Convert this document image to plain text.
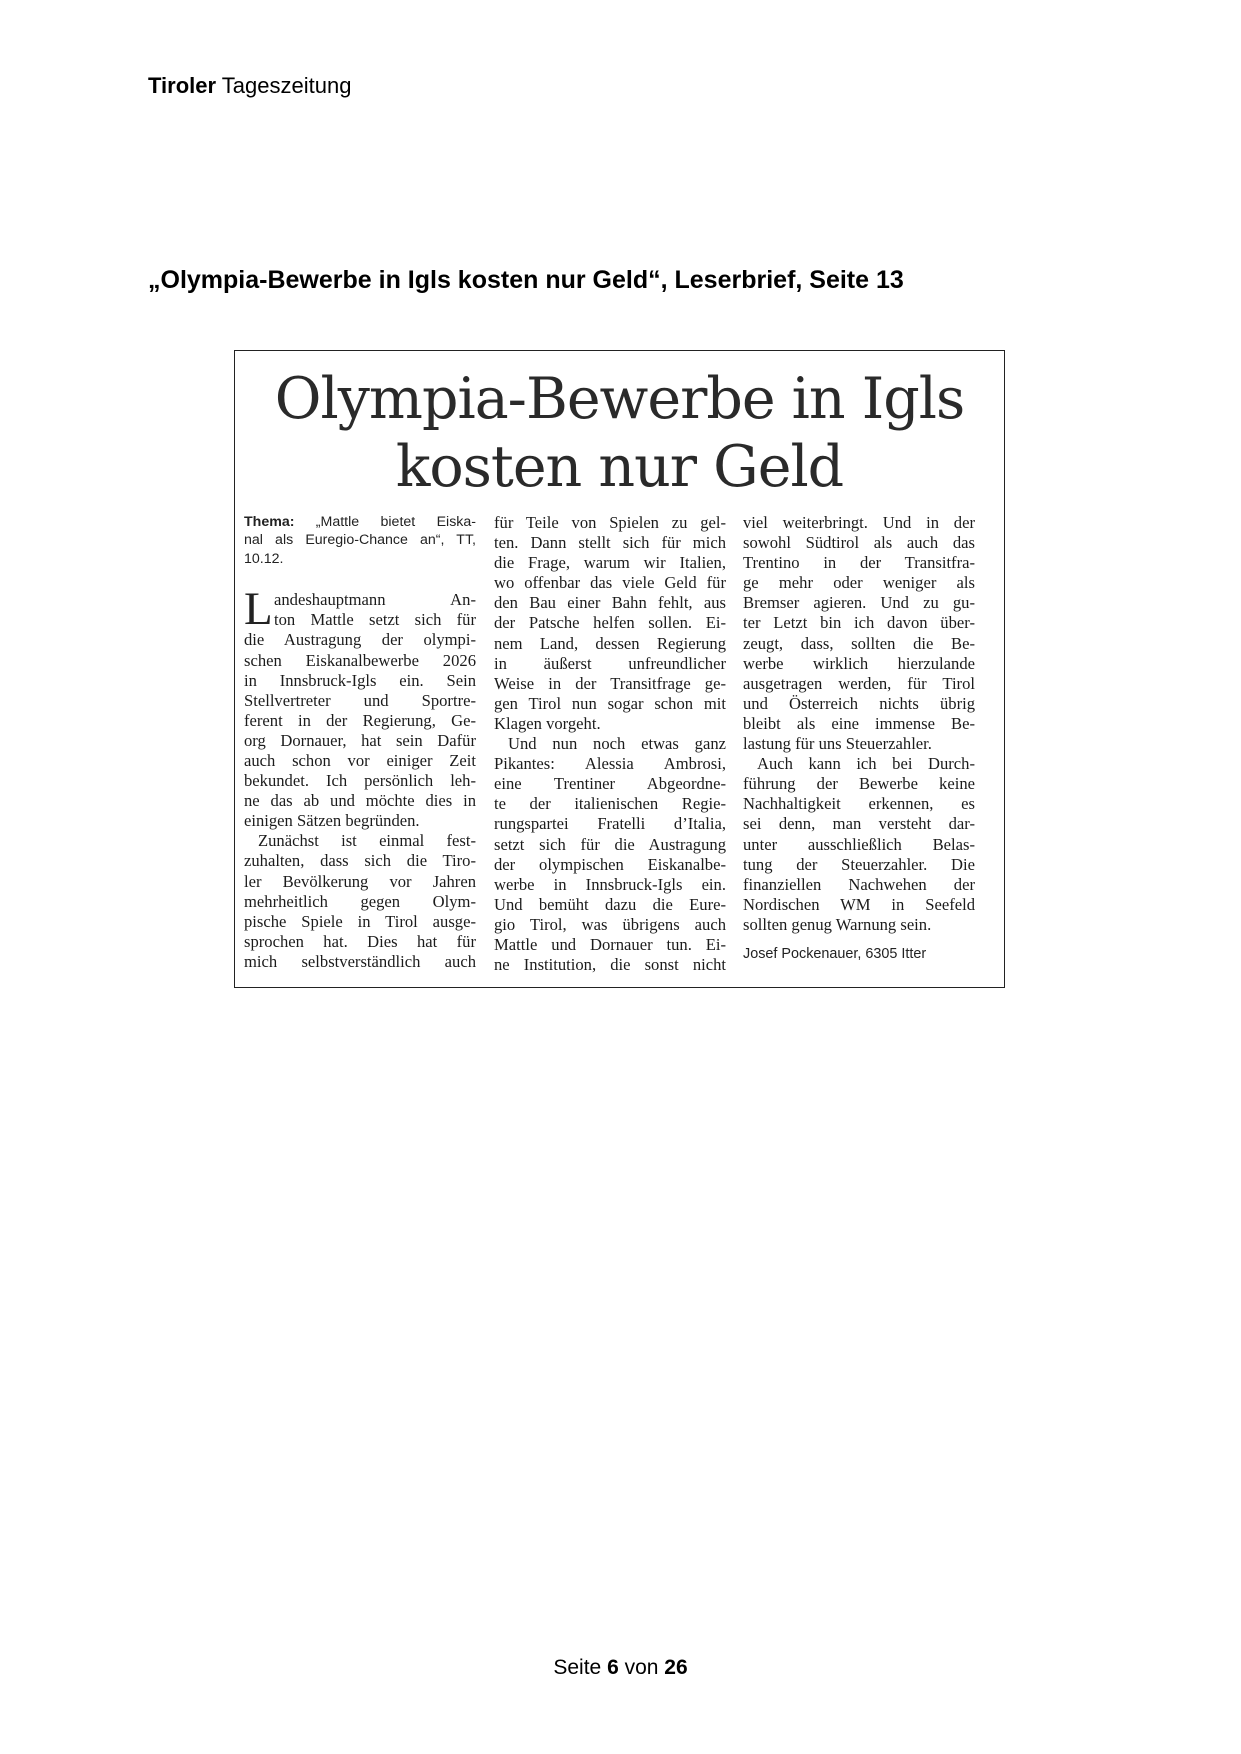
Tiroler Tageszeitung
„Olympia-Bewerbe in Igls kosten nur Geld“, Leserbrief, Seite 13
Olympia-Bewerbe in Igls
kosten nur Geld
Thema: „Mattle bietet Eiska-
nal als Euregio-Chance an“, TT,
10.12.
L andeshauptmann An-
ton Mattle setzt sich für
die Austragung der olympi-
schen Eiskanalbewerbe 2026
in Innsbruck-Igls ein. Sein
Stellvertreter und Sportre-
ferent in der Regierung, Ge-
org Dornauer, hat sein Dafür
auch schon vor einiger Zeit
bekundet. Ich persönlich leh-
ne das ab und möchte dies in
einigen Sätzen begründen.
Zunächst ist einmal fest-
zuhalten, dass sich die Tiro-
ler Bevölkerung vor Jahren
mehrheitlich gegen Olym-
pische Spiele in Tirol ausge-
sprochen hat. Dies hat für
mich selbstverständlich auch
für Teile von Spielen zu gel-
ten. Dann stellt sich für mich
die Frage, warum wir Italien,
wo offenbar das viele Geld für
den Bau einer Bahn fehlt, aus
der Patsche helfen sollen. Ei-
nem Land, dessen Regierung
in äußerst unfreundlicher
Weise in der Transitfrage ge-
gen Tirol nun sogar schon mit
Klagen vorgeht.
Und nun noch etwas ganz
Pikantes: Alessia Ambrosi,
eine Trentiner Abgeordne-
te der italienischen Regie-
rungspartei Fratelli d’Italia,
setzt sich für die Austragung
der olympischen Eiskanalbe-
werbe in Innsbruck-Igls ein.
Und bemüht dazu die Eure-
gio Tirol, was übrigens auch
Mattle und Dornauer tun. Ei-
ne Institution, die sonst nicht
viel weiterbringt. Und in der
sowohl Südtirol als auch das
Trentino in der Transitfra-
ge mehr oder weniger als
Bremser agieren. Und zu gu-
ter Letzt bin ich davon über-
zeugt, dass, sollten die Be-
werbe wirklich hierzulande
ausgetragen werden, für Tirol
und Österreich nichts übrig
bleibt als eine immense Be-
lastung für uns Steuerzahler.
Auch kann ich bei Durch-
führung der Bewerbe keine
Nachhaltigkeit erkennen, es
sei denn, man versteht dar-
unter ausschließlich Belas-
tung der Steuerzahler. Die
finanziellen Nachwehen der
Nordischen WM in Seefeld
sollten genug Warnung sein.
Josef Pockenauer, 6305 Itter
Seite 6 von 26
